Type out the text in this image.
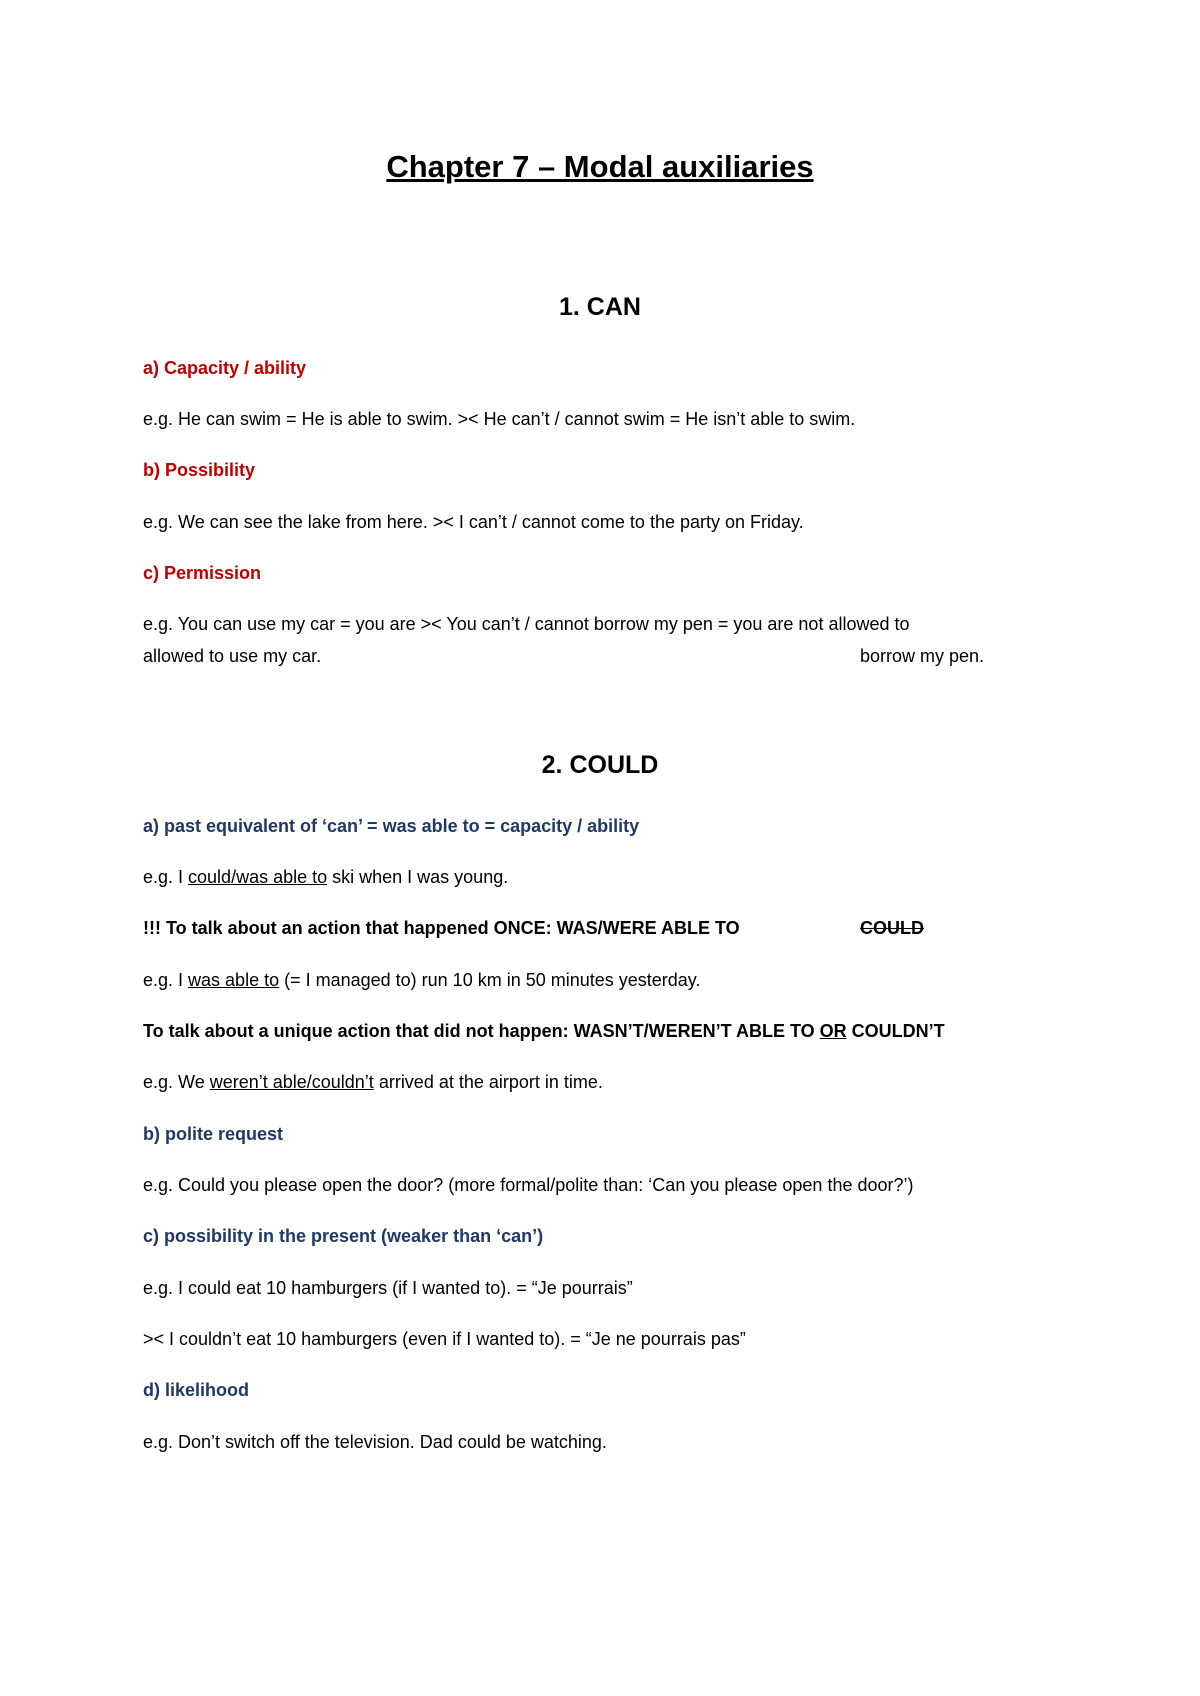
Chapter 7 – Modal auxiliaries
1. CAN
a) Capacity / ability
e.g. He can swim = He is able to swim. >< He can’t / cannot swim = He isn’t able to swim.
b) Possibility
e.g. We can see the lake from here. >< I can’t / cannot come to the party on Friday.
c) Permission
e.g. You can use my car = you are >< You can’t / cannot borrow my pen = you are not allowed to
allowed to use my car.	borrow my pen.
2. COULD
a) past equivalent of ‘can’ = was able to = capacity / ability
e.g. I could/was able to ski when I was young.
!!! To talk about an action that happened ONCE: WAS/WERE ABLE TO	COULD
e.g. I was able to (= I managed to) run 10 km in 50 minutes yesterday.
To talk about a unique action that did not happen: WASN’T/WEREN’T ABLE TO OR COULDN’T
e.g. We weren’t able/couldn’t arrived at the airport in time.
b) polite request
e.g. Could you please open the door? (more formal/polite than: ‘Can you please open the door?’)
c) possibility in the present (weaker than ‘can’)
e.g. I could eat 10 hamburgers (if I wanted to). = “Je pourrais”
>< I couldn’t eat 10 hamburgers (even if I wanted to). = “Je ne pourrais pas”
d) likelihood
e.g. Don’t switch off the television. Dad could be watching.
